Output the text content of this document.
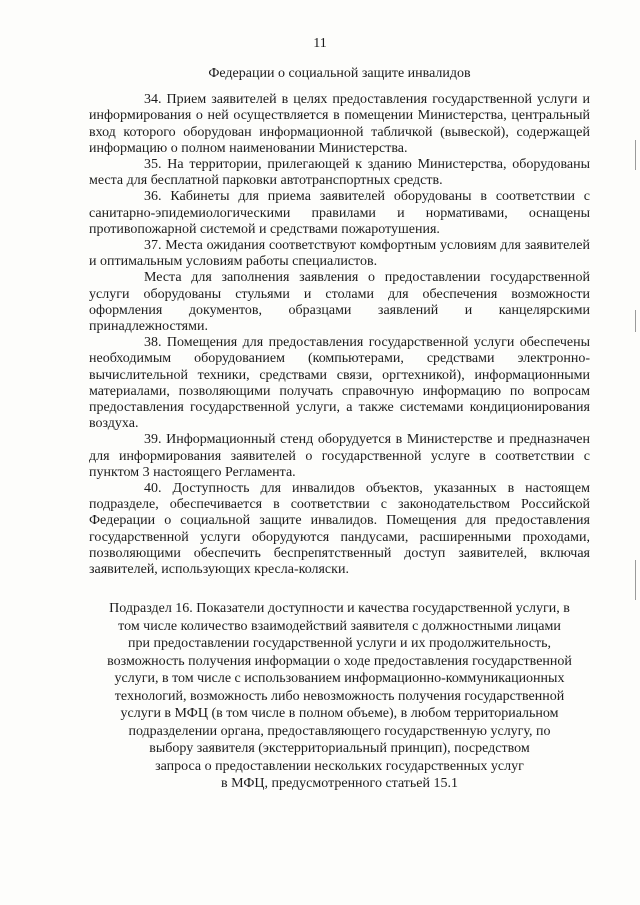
11

Федерации о социальной защите инвалидов

34. Прием заявителей в целях предоставления государственной услуги и информирования о ней осуществляется в помещении Министерства, центральный вход которого оборудован информационной табличкой (вывеской), содержащей информацию о полном наименовании Министерства.

35. На территории, прилегающей к зданию Министерства, оборудованы места для бесплатной парковки автотранспортных средств.

36. Кабинеты для приема заявителей оборудованы в соответствии с санитарно-эпидемиологическими правилами и нормативами, оснащены противопожарной системой и средствами пожаротушения.

37. Места ожидания соответствуют комфортным условиям для заявителей и оптимальным условиям работы специалистов.

Места для заполнения заявления о предоставлении государственной услуги оборудованы стульями и столами для обеспечения возможности оформления документов, образцами заявлений и канцелярскими принадлежностями.

38. Помещения для предоставления государственной услуги обеспечены необходимым оборудованием (компьютерами, средствами электронно-вычислительной техники, средствами связи, оргтехникой), информационными материалами, позволяющими получать справочную информацию по вопросам предоставления государственной услуги, а также системами кондиционирования воздуха.

39. Информационный стенд оборудуется в Министерстве и предназначен для информирования заявителей о государственной услуге в соответствии с пунктом 3 настоящего Регламента.

40. Доступность для инвалидов объектов, указанных в настоящем подразделе, обеспечивается в соответствии с законодательством Российской Федерации о социальной защите инвалидов. Помещения для предоставления государственной услуги оборудуются пандусами, расширенными проходами, позволяющими обеспечить беспрепятственный доступ заявителей, включая заявителей, использующих кресла-коляски.

Подраздел 16. Показатели доступности и качества государственной услуги, в

том числе количество взаимодействий заявителя с должностными лицами

при предоставлении государственной услуги и их продолжительность,

возможность получения информации о ходе предоставления государственной

услуги, в том числе с использованием информационно-коммуникационных

технологий, возможность либо невозможность получения государственной

услуги в МФЦ (в том числе в полном объеме), в любом территориальном

подразделении органа, предоставляющего государственную услугу, по

выбору заявителя (экстерриториальный принцип), посредством

запроса о предоставлении нескольких государственных услуг

в МФЦ, предусмотренного статьей 15.1
